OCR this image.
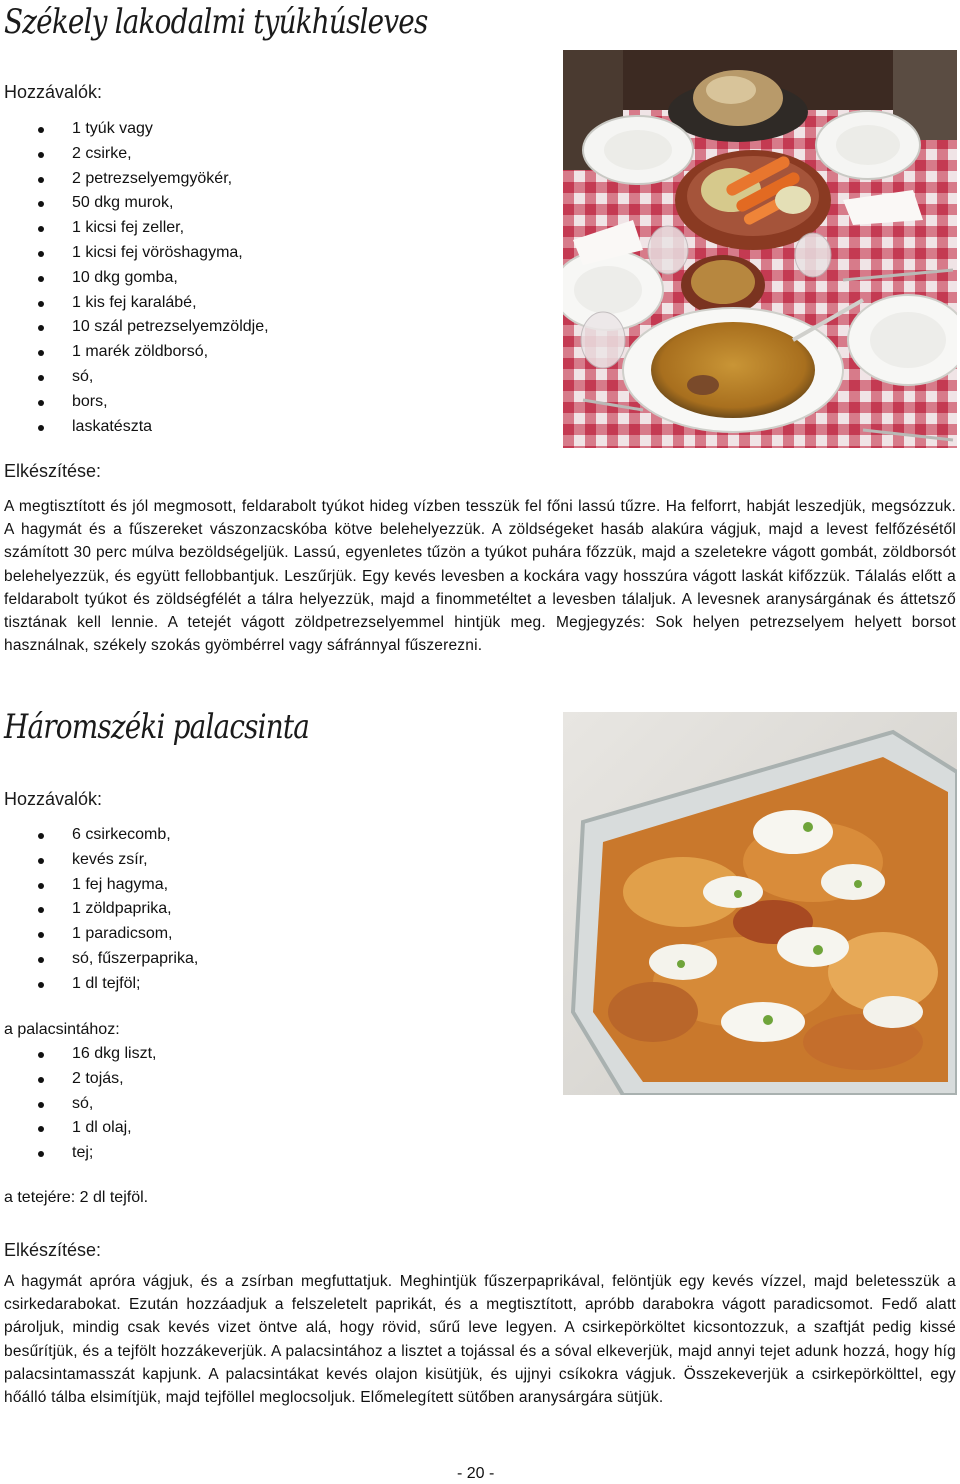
Székely lakodalmi tyúkhúsleves
Hozzávalók:
1 tyúk vagy
2 csirke,
2 petrezselyemgyökér,
50 dkg murok,
1 kicsi fej zeller,
1 kicsi fej vöröshagyma,
10 dkg gomba,
1 kis fej karalábé,
10 szál petrezselyemzöldje,
1 marék zöldborsó,
só,
bors,
laskatészta
Elkészítése:
A megtisztított és jól megmosott, feldarabolt tyúkot hideg vízben tesszük fel főni lassú tűzre. Ha felforrt, habját leszedjük, megsózzuk. A hagymát és a fűszereket vászonzacskóba kötve belehelyezzük. A zöldségeket hasáb alakúra vágjuk, majd a levest felfőzésétől számított 30 perc múlva bezöldségeljük. Lassú, egyenletes tűzön a tyúkot puhára főzzük, majd a szeletekre vágott gombát, zöldborsót belehelyezzük, és együtt fellobbantjuk. Leszűrjük. Egy kevés levesben a kockára vagy hosszúra vágott laskát kifőzzük. Tálalás előtt a feldarabolt tyúkot és zöldségfélét a tálra helyezzük, majd a finommetéltet a levesben tálaljuk. A levesnek aranysárgának és áttetsző tisztának kell lennie. A tetejét vágott zöldpetrezselyemmel hintjük meg. Megjegyzés: Sok helyen petrezselyem helyett borsot használnak, székely szokás gyömbérrel vagy sáfránnyal fűszerezni.
Háromszéki palacsinta
Hozzávalók:
6 csirkecomb,
kevés zsír,
1 fej hagyma,
1 zöldpaprika,
1 paradicsom,
só, fűszerpaprika,
1 dl tejföl;
a palacsintához:
16 dkg liszt,
2 tojás,
só,
1 dl olaj,
tej;
a tetejére: 2 dl tejföl.
Elkészítése:
A hagymát apróra vágjuk, és a zsírban megfuttatjuk. Meghintjük fűszerpaprikával, felöntjük egy kevés vízzel, majd beletesszük a csirkedarabokat. Ezután hozzáadjuk a felszeletelt paprikát, és a megtisztított, apróbb darabokra vágott paradicsomot. Fedő alatt pároljuk, mindig csak kevés vizet öntve alá, hogy rövid, sűrű leve legyen. A csirkepörköltet kicsontozzuk, a szaftját pedig kissé besűrítjük, és a tejfölt hozzákeverjük. A palacsintához a lisztet a tojással és a sóval elkeverjük, majd annyi tejet adunk hozzá, hogy híg palacsintamasszát kapjunk. A palacsintákat kevés olajon kisütjük, és ujjnyi csíkokra vágjuk. Összekeverjük a csirkepörkölttel, egy hőálló tálba elsimítjük, majd tejföllel meglocsoljuk. Előmelegített sütőben aranysárgára sütjük.
- 20 -
